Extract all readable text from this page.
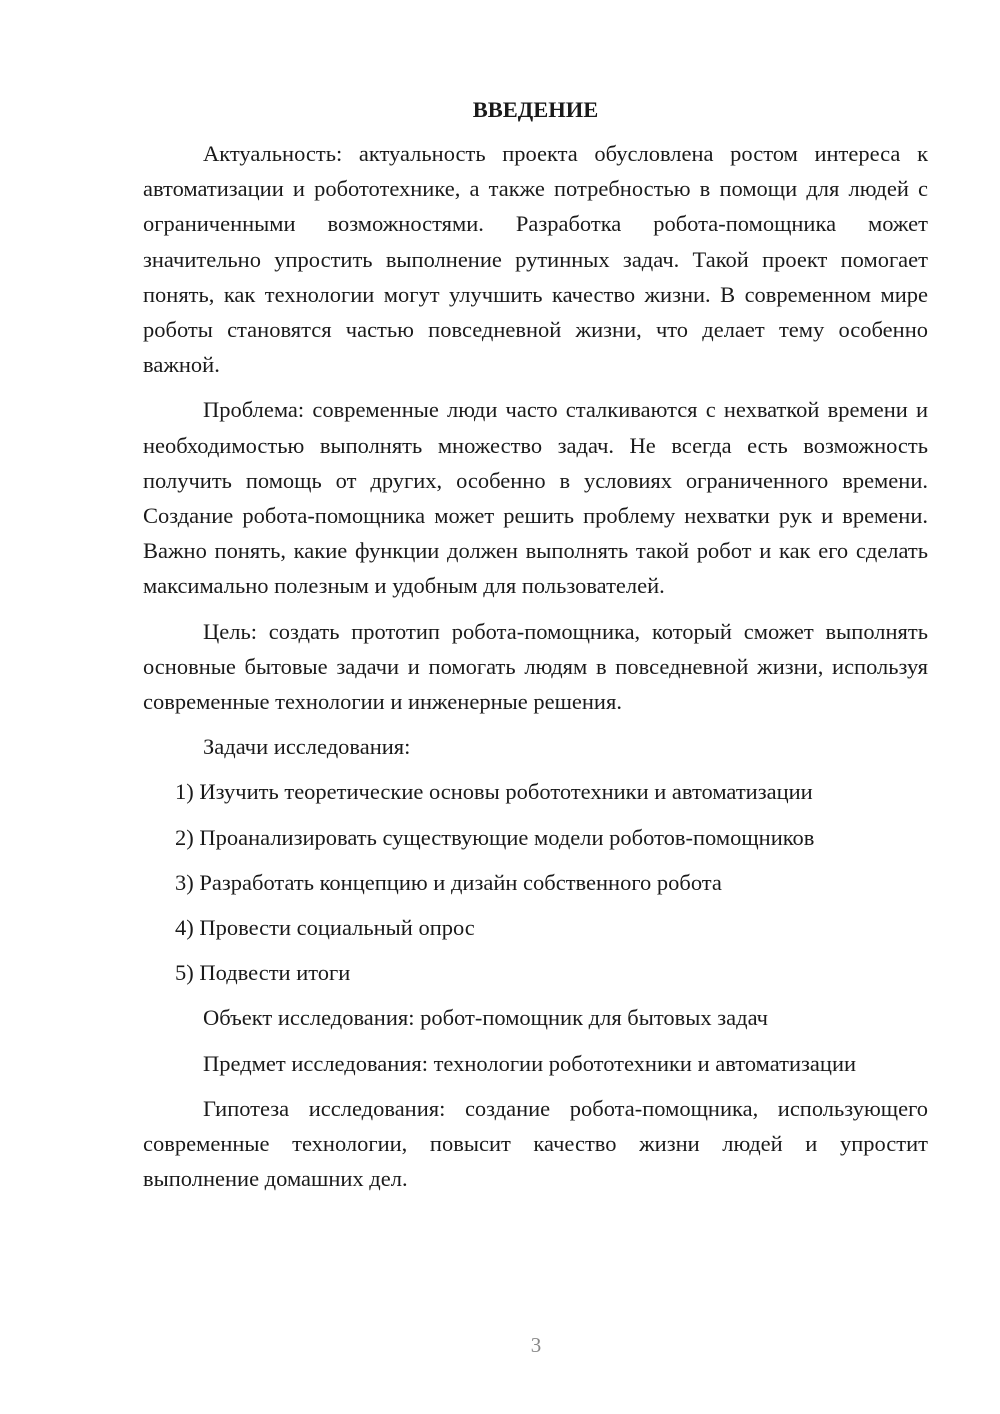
ВВЕДЕНИЕ

Актуальность: актуальность проекта обусловлена ростом интереса к автоматизации и робототехнике, а также потребностью в помощи для людей с ограниченными возможностями. Разработка робота-помощника может значительно упростить выполнение рутинных задач. Такой проект помогает понять, как технологии могут улучшить качество жизни. В современном мире роботы становятся частью повседневной жизни, что делает тему особенно важной.

Проблема: современные люди часто сталкиваются с нехваткой времени и необходимостью выполнять множество задач. Не всегда есть возможность получить помощь от других, особенно в условиях ограниченного времени. Создание робота-помощника может решить проблему нехватки рук и времени. Важно понять, какие функции должен выполнять такой робот и как его сделать максимально полезным и удобным для пользователей.

Цель: создать прототип робота-помощника, который сможет выполнять основные бытовые задачи и помогать людям в повседневной жизни, используя современные технологии и инженерные решения.

Задачи исследования:

1) Изучить теоретические основы робототехники и автоматизации
2) Проанализировать существующие модели роботов-помощников
3) Разработать концепцию и дизайн собственного робота
4) Провести социальный опрос
5) Подвести итоги

Объект исследования: робот-помощник для бытовых задач

Предмет исследования: технологии робототехники и автоматизации

Гипотеза исследования: создание робота-помощника, использующего современные технологии, повысит качество жизни людей и упростит выполнение домашних дел.

3
